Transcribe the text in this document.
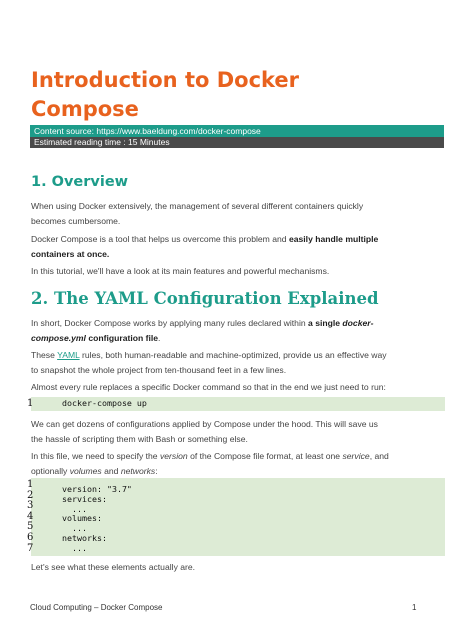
Introduction to Docker
Compose
Content source: https://www.baeldung.com/docker-compose
Estimated reading time : 15 Minutes
1. Overview

When using Docker extensively, the management of several different containers quickly
becomes cumbersome.

Docker Compose is a tool that helps us overcome this problem and easily handle multiple
containers at once.

In this tutorial, we'll have a look at its main features and powerful mechanisms.

2. The YAML Configuration Explained

In short, Docker Compose works by applying many rules declared within a single docker-
compose.yml configuration file.

These YAML rules, both human-readable and machine-optimized, provide us an effective way
to snapshot the whole project from ten-thousand feet in a few lines.

Almost every rule replaces a specific Docker command so that in the end we just need to run:

1	docker-compose up

We can get dozens of configurations applied by Compose under the hood. This will save us
the hassle of scripting them with Bash or something else.

In this file, we need to specify the version of the Compose file format, at least one service, and
optionally volumes and networks:

1
2
3
4
5
6
7
version: "3.7"
services:
...
volumes:
...
networks:
...

Let's see what these elements actually are.

Cloud Computing – Docker Compose	1
